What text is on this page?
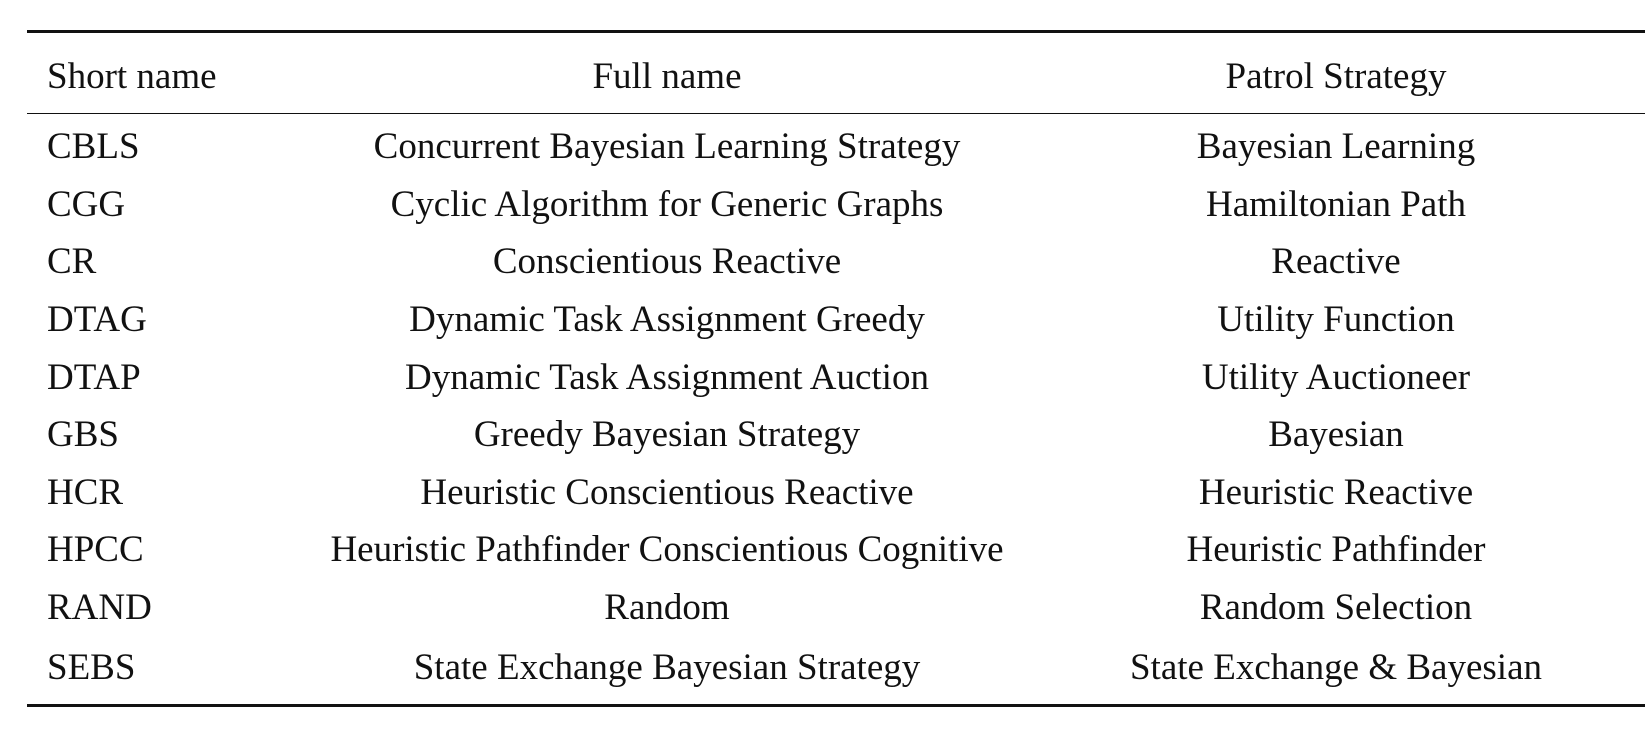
Short name	Full name	Patrol Strategy
CBLS	Concurrent Bayesian Learning Strategy	Bayesian Learning
CGG	Cyclic Algorithm for Generic Graphs	Hamiltonian Path
CR	Conscientious Reactive	Reactive
DTAG	Dynamic Task Assignment Greedy	Utility Function
DTAP	Dynamic Task Assignment Auction	Utility Auctioneer
GBS	Greedy Bayesian Strategy	Bayesian
HCR	Heuristic Conscientious Reactive	Heuristic Reactive
HPCC	Heuristic Pathfinder Conscientious Cognitive	Heuristic Pathfinder
RAND	Random	Random Selection
SEBS	State Exchange Bayesian Strategy	State Exchange & Bayesian
